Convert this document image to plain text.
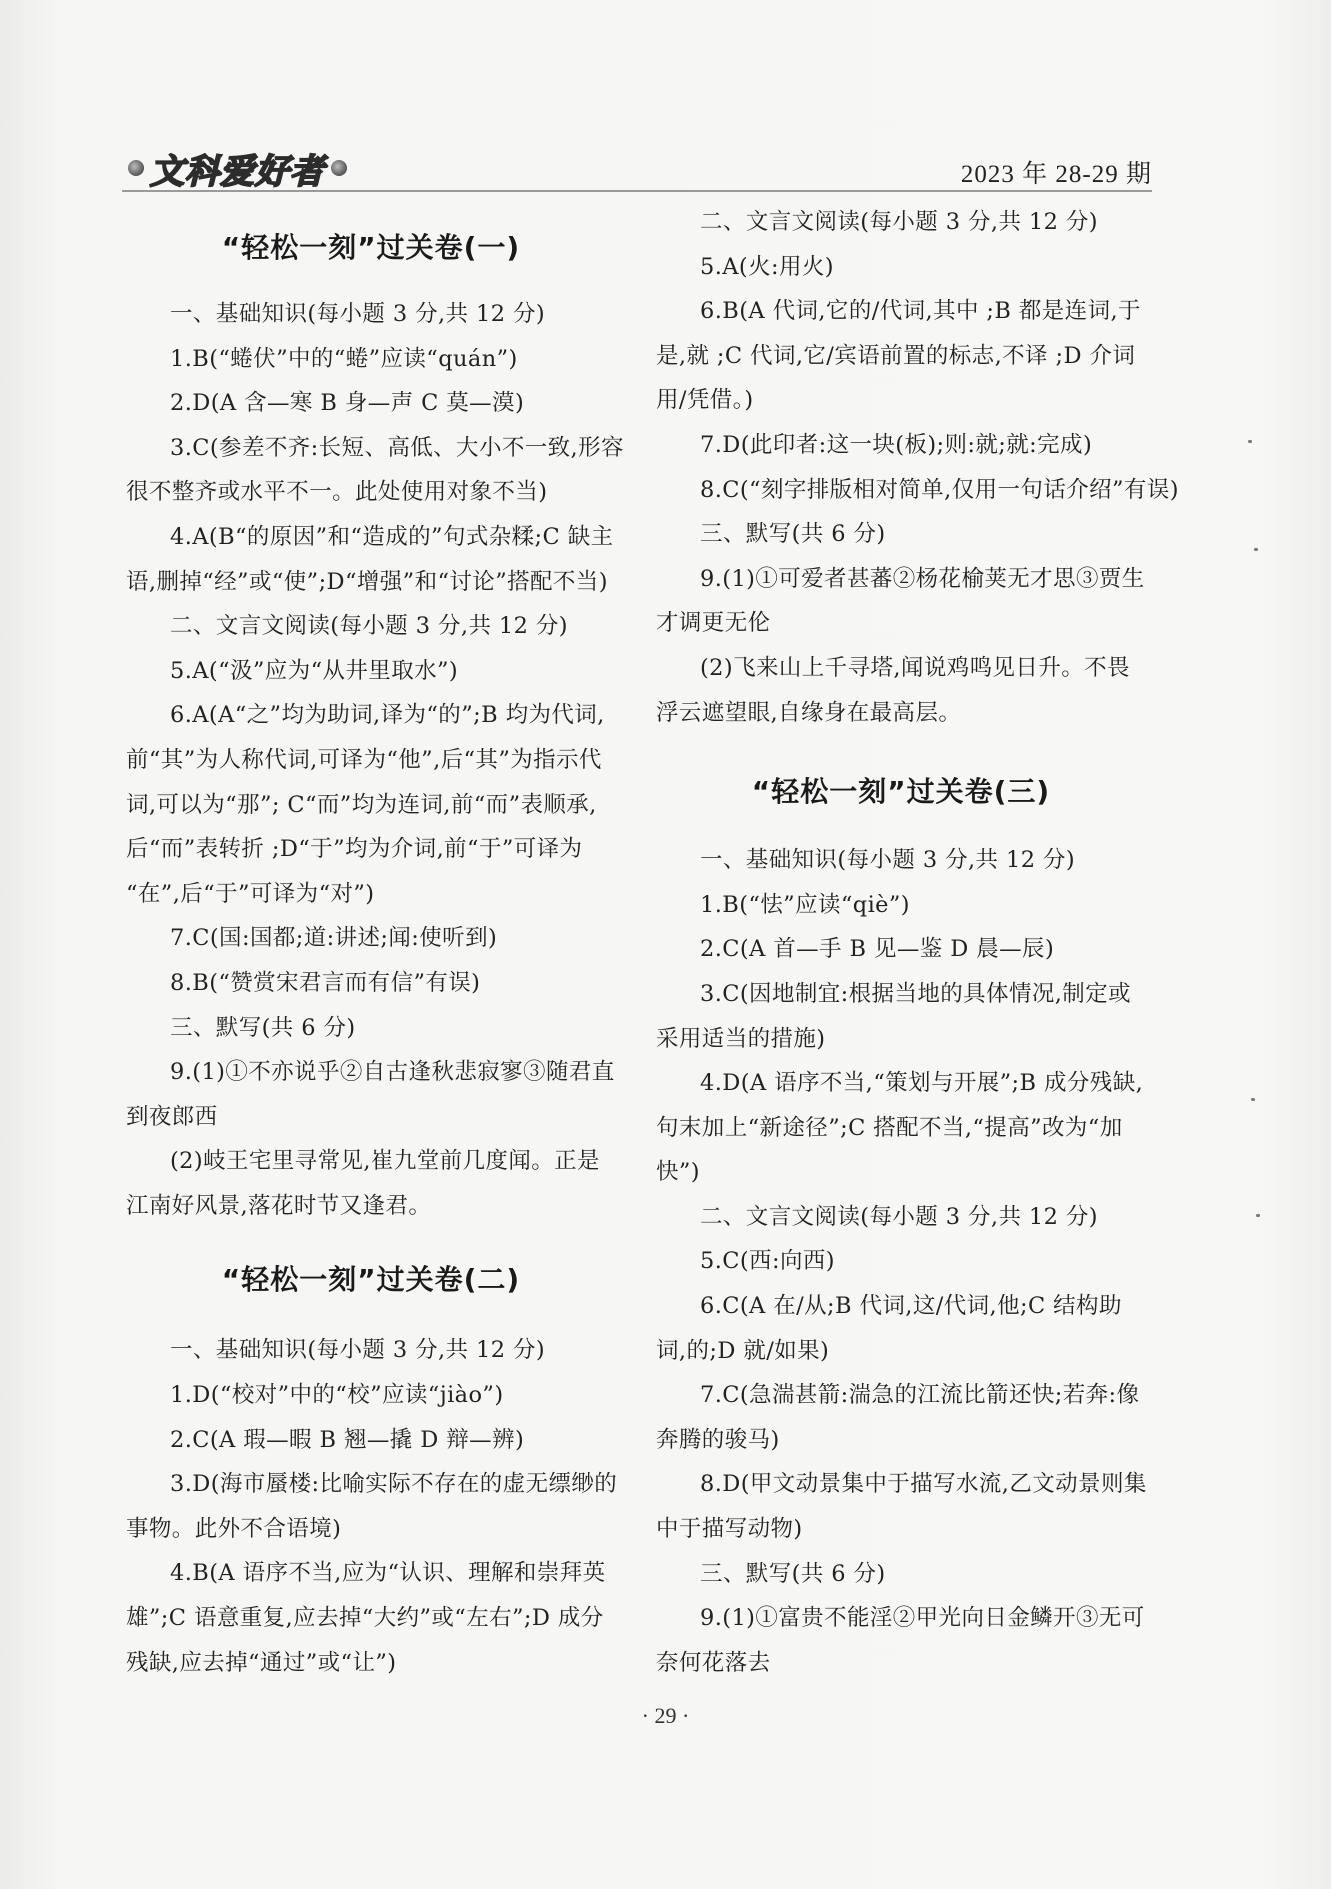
文科爱好者	2023 年 28-29 期
“轻松一刻”过关卷(一)
一、基础知识(每小题 3 分,共 12 分)
1.B(“蜷伏”中的“蜷”应读“quán”)
2.D(A 含—寒 B 身—声 C 莫—漠)
3.C(参差不齐:长短、高低、大小不一致,形容
很不整齐或水平不一。此处使用对象不当)
4.A(B“的原因”和“造成的”句式杂糅;C 缺主
语,删掉“经”或“使”;D“增强”和“讨论”搭配不当)
二、文言文阅读(每小题 3 分,共 12 分)
5.A(“汲”应为“从井里取水”)
6.A(A“之”均为助词,译为“的”;B 均为代词,
前“其”为人称代词,可译为“他”,后“其”为指示代
词,可以为“那”; C“而”均为连词,前“而”表顺承,
后“而”表转折 ;D“于”均为介词,前“于”可译为
“在”,后“于”可译为“对”)
7.C(国:国都;道:讲述;闻:使听到)
8.B(“赞赏宋君言而有信”有误)
三、默写(共 6 分)
9.(1)①不亦说乎②自古逢秋悲寂寥③随君直
到夜郎西
(2)岐王宅里寻常见,崔九堂前几度闻。正是
江南好风景,落花时节又逢君。
“轻松一刻”过关卷(二)
一、基础知识(每小题 3 分,共 12 分)
1.D(“校对”中的“校”应读“jiào”)
2.C(A 瑕—暇 B 翘—撬 D 辩—辨)
3.D(海市蜃楼:比喻实际不存在的虚无缥缈的
事物。此外不合语境)
4.B(A 语序不当,应为“认识、理解和崇拜英
雄”;C 语意重复,应去掉“大约”或“左右”;D 成分
残缺,应去掉“通过”或“让”)
二、文言文阅读(每小题 3 分,共 12 分)
5.A(火:用火)
6.B(A 代词,它的/代词,其中 ;B 都是连词,于
是,就 ;C 代词,它/宾语前置的标志,不译 ;D 介词
用/凭借。)
7.D(此印者:这一块(板);则:就;就:完成)
8.C(“刻字排版相对简单,仅用一句话介绍”有误)
三、默写(共 6 分)
9.(1)①可爱者甚蕃②杨花榆荚无才思③贾生
才调更无伦
(2)飞来山上千寻塔,闻说鸡鸣见日升。不畏
浮云遮望眼,自缘身在最高层。
“轻松一刻”过关卷(三)
一、基础知识(每小题 3 分,共 12 分)
1.B(“怯”应读“qiè”)
2.C(A 首—手 B 见—鉴 D 晨—辰)
3.C(因地制宜:根据当地的具体情况,制定或
采用适当的措施)
4.D(A 语序不当,“策划与开展”;B 成分残缺,
句末加上“新途径”;C 搭配不当,“提高”改为“加
快”)
二、文言文阅读(每小题 3 分,共 12 分)
5.C(西:向西)
6.C(A 在/从;B 代词,这/代词,他;C 结构助
词,的;D 就/如果)
7.C(急湍甚箭:湍急的江流比箭还快;若奔:像
奔腾的骏马)
8.D(甲文动景集中于描写水流,乙文动景则集
中于描写动物)
三、默写(共 6 分)
9.(1)①富贵不能淫②甲光向日金鳞开③无可
奈何花落去
· 29 ·
